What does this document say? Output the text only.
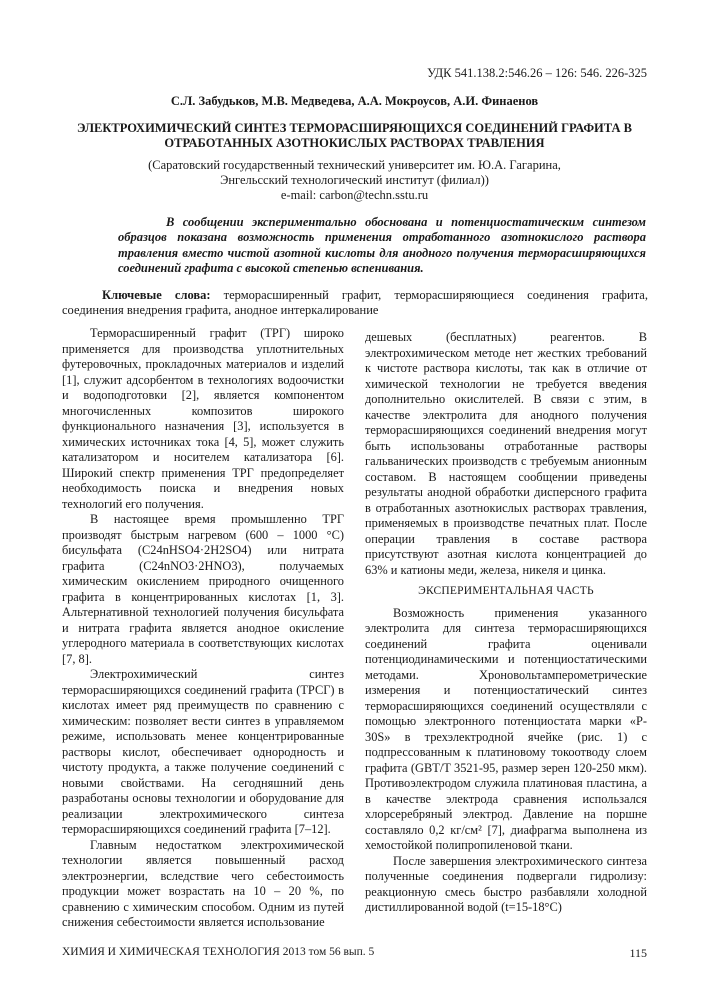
УДК 541.138.2:546.26 – 126: 546. 226-325
С.Л. Забудьков, М.В. Медведева, А.А. Мокроусов, А.И. Финаенов
ЭЛЕКТРОХИМИЧЕСКИЙ СИНТЕЗ ТЕРМОРАСШИРЯЮЩИХСЯ СОЕДИНЕНИЙ ГРАФИТА В ОТРАБОТАННЫХ АЗОТНОКИСЛЫХ РАСТВОРАХ ТРАВЛЕНИЯ
(Саратовский государственный технический университет им. Ю.А. Гагарина,
Энгельсский технологический институт (филиал))
e-mail: carbon@techn.sstu.ru

В сообщении экспериментально обоснована и потенциостатическим синтезом образцов показана возможность применения отработанного азотнокислого раствора травления вместо чистой азотной кислоты для анодного получения терморасширяющихся соединений графита с высокой степенью вспенивания.

Ключевые слова: терморасширенный графит, терморасширяющиеся соединения графита, соединения внедрения графита, анодное интеркалирование

Терморасширенный графит (ТРГ) широко применяется для производства уплотнительных футеровочных, прокладочных материалов и изделий [1], служит адсорбентом в технологиях водоочистки и водоподготовки [2], является компонентом многочисленных композитов широкого функционального назначения [3], используется в химических источниках тока [4, 5], может служить катализатором и носителем катализатора [6]. Широкий спектр применения ТРГ предопределяет необходимость поиска и внедрения новых технологий его получения.

В настоящее время промышленно ТРГ производят быстрым нагревом (600 – 1000 °С) бисульфата (C24nHSO4·2H2SO4) или нитрата графита (C24nNO3·2HNO3), получаемых химическим окислением природного очищенного графита в концентрированных кислотах [1, 3]. Альтернативной технологией получения бисульфата и нитрата графита является анодное окисление углеродного материала в соответствующих кислотах [7, 8].

Электрохимический синтез терморасширяющихся соединений графита (ТРСГ) в кислотах имеет ряд преимуществ по сравнению с химическим: позволяет вести синтез в управляемом режиме, использовать менее концентрированные растворы кислот, обеспечивает однородность и чистоту продукта, а также получение соединений с новыми свойствами. На сегодняшний день разработаны основы технологии и оборудование для реализации электрохимического синтеза терморасширяющихся соединений графита [7–12].

Главным недостатком электрохимической технологии является повышенный расход электроэнергии, вследствие чего себестоимость продукции может возрастать на 10 – 20 %, по сравнению с химическим способом. Одним из путей снижения себестоимости является использование

дешевых (бесплатных) реагентов. В электрохимическом методе нет жестких требований к чистоте раствора кислоты, так как в отличие от химической технологии не требуется введения дополнительно окислителей. В связи с этим, в качестве электролита для анодного получения терморасширяющихся соединений внедрения могут быть использованы отработанные растворы гальванических производств с требуемым анионным составом. В настоящем сообщении приведены результаты анодной обработки дисперсного графита в отработанных азотнокислых растворах травления, применяемых в производстве печатных плат. После операции травления в составе раствора присутствуют азотная кислота концентрацией до 63% и катионы меди, железа, никеля и цинка.

ЭКСПЕРИМЕНТАЛЬНАЯ ЧАСТЬ

Возможность применения указанного электролита для синтеза терморасширяющихся соединений графита оценивали потенциодинамическими и потенциостатическими методами. Хроновольтамперометрические измерения и потенциостатический синтез терморасширяющихся соединений осуществляли с помощью электронного потенциостата марки «P-30S» в трехэлектродной ячейке (рис. 1) с подпрессованным к платиновому токоотводу слоем графита (GBT/T 3521-95, размер зерен 120-250 мкм). Противоэлектродом служила платиновая пластина, а в качестве электрода сравнения использался хлорсеребряный электрод. Давление на поршне составляло 0,2 кг/см² [7], диафрагма выполнена из хемостойкой полипропиленовой ткани.

После завершения электрохимического синтеза полученные соединения подвергали гидролизу: реакционную смесь быстро разбавляли холодной дистиллированной водой (t=15-18°С)

ХИМИЯ И ХИМИЧЕСКАЯ ТЕХНОЛОГИЯ 2013 том 56 вып. 5	115
